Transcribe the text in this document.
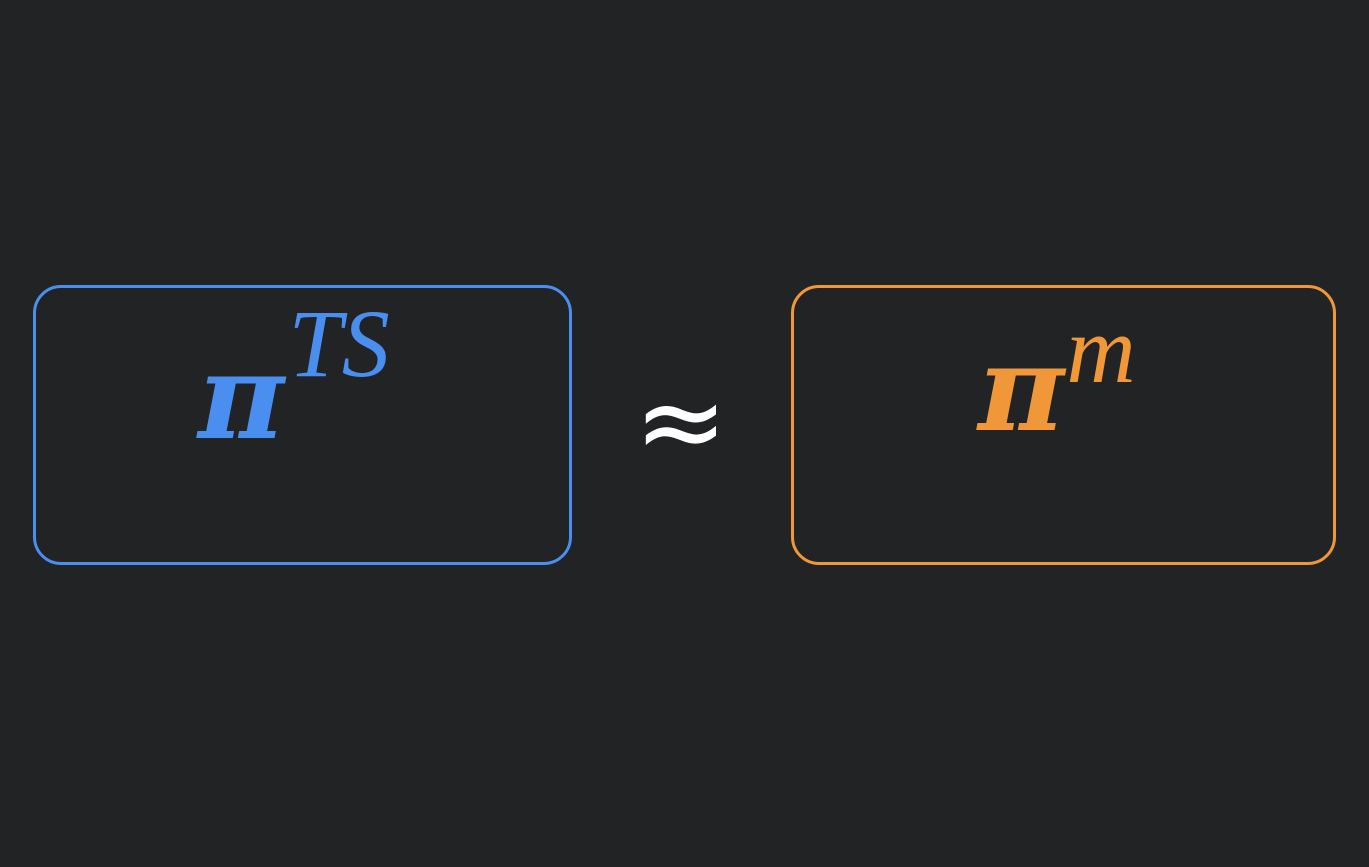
πTS
≈ πm
